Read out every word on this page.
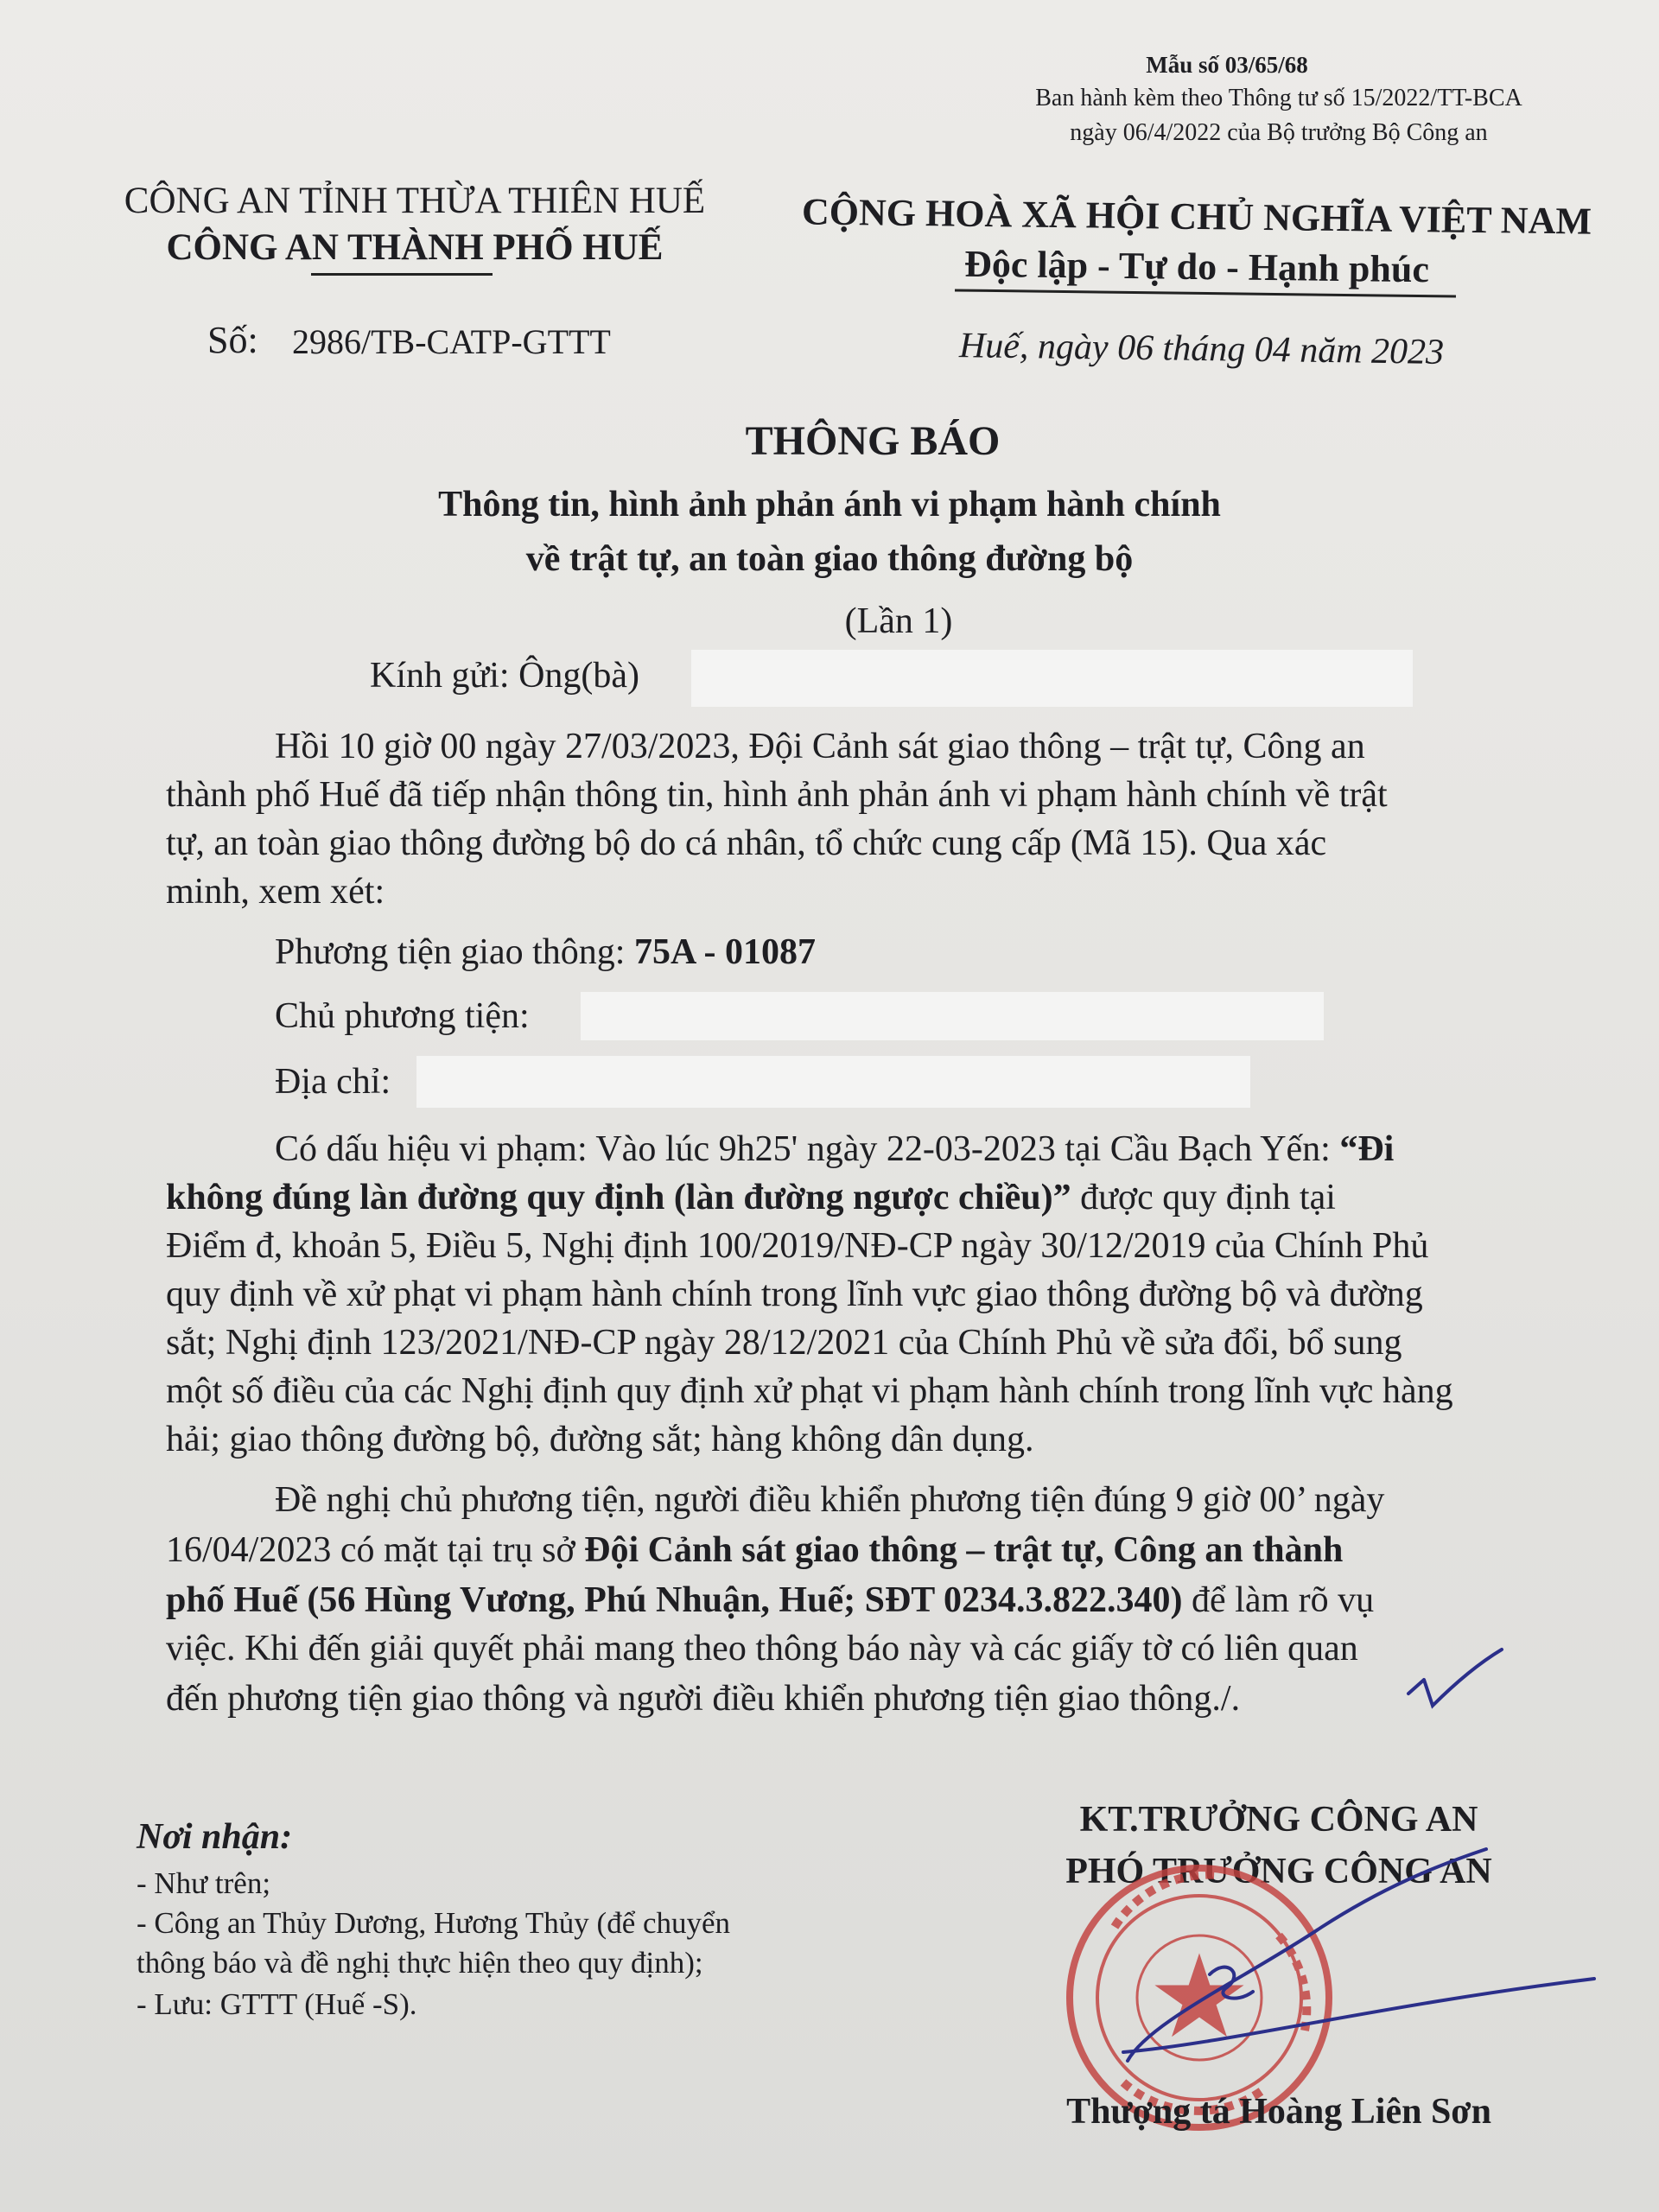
Mẫu số 03/65/68
Ban hành kèm theo Thông tư số 15/2022/TT-BCA
ngày 06/4/2022 của Bộ trưởng Bộ Công an
CÔNG AN TỈNH THỪA THIÊN HUẾ
CÔNG AN THÀNH PHỐ HUẾ
CỘNG HOÀ XÃ HỘI CHỦ NGHĨA VIỆT NAM
Độc lập - Tự do - Hạnh phúc
Số: 2986/TB-CATP-GTTT	Huế, ngày 06 tháng 04 năm 2023
THÔNG BÁO
Thông tin, hình ảnh phản ánh vi phạm hành chính
về trật tự, an toàn giao thông đường bộ
(Lần 1)
Kính gửi: Ông(bà)
Hồi 10 giờ 00 ngày 27/03/2023, Đội Cảnh sát giao thông – trật tự, Công an
thành phố Huế đã tiếp nhận thông tin, hình ảnh phản ánh vi phạm hành chính về trật
tự, an toàn giao thông đường bộ do cá nhân, tổ chức cung cấp (Mã 15). Qua xác
minh, xem xét:
Phương tiện giao thông: 75A - 01087
Chủ phương tiện:
Địa chỉ:
Có dấu hiệu vi phạm: Vào lúc 9h25' ngày 22-03-2023 tại Cầu Bạch Yến: “Đi
không đúng làn đường quy định (làn đường ngược chiều)” được quy định tại
Điểm đ, khoản 5, Điều 5, Nghị định 100/2019/NĐ-CP ngày 30/12/2019 của Chính Phủ
quy định về xử phạt vi phạm hành chính trong lĩnh vực giao thông đường bộ và đường
sắt; Nghị định 123/2021/NĐ-CP ngày 28/12/2021 của Chính Phủ về sửa đổi, bổ sung
một số điều của các Nghị định quy định xử phạt vi phạm hành chính trong lĩnh vực hàng
hải; giao thông đường bộ, đường sắt; hàng không dân dụng.
Đề nghị chủ phương tiện, người điều khiển phương tiện đúng 9 giờ 00’ ngày
16/04/2023 có mặt tại trụ sở Đội Cảnh sát giao thông – trật tự, Công an thành
phố Huế (56 Hùng Vương, Phú Nhuận, Huế; SĐT 0234.3.822.340) để làm rõ vụ
việc. Khi đến giải quyết phải mang theo thông báo này và các giấy tờ có liên quan
đến phương tiện giao thông và người điều khiển phương tiện giao thông./.
Nơi nhận:
- Như trên;
- Công an Thủy Dương, Hương Thủy (để chuyển
thông báo và đề nghị thực hiện theo quy định);
- Lưu: GTTT (Huế -S).
KT.TRƯỞNG CÔNG AN
PHÓ TRƯỞNG CÔNG AN
Thượng tá Hoàng Liên Sơn
